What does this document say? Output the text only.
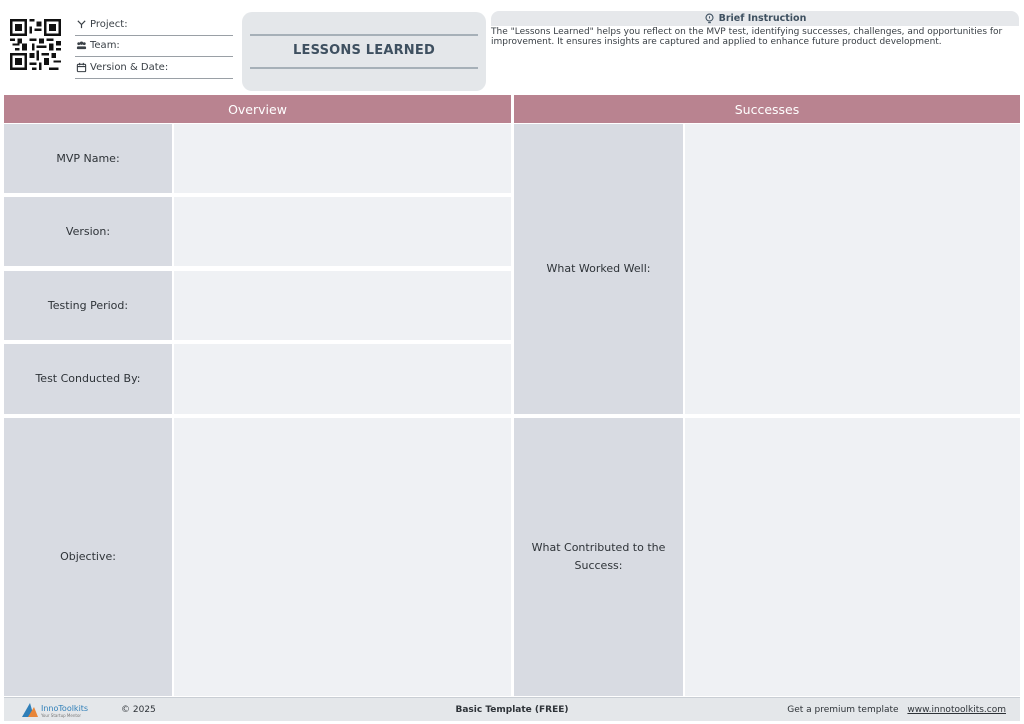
Project:
Team:
Version & Date:
LESSONS LEARNED
Brief Instruction
The "Lessons Learned" helps you reflect on the MVP test, identifying successes, challenges, and opportunities for improvement. It ensures insights are captured and applied to enhance future product development.
Overview
MVP Name:
Version:
Testing Period:
Test Conducted By:
Objective:
Successes
What Worked Well:
What Contributed to the Success:
InnoToolkits
Your Startup Mentor
© 2025	Basic Template (FREE)	Get a premium template www.innotoolkits.com
